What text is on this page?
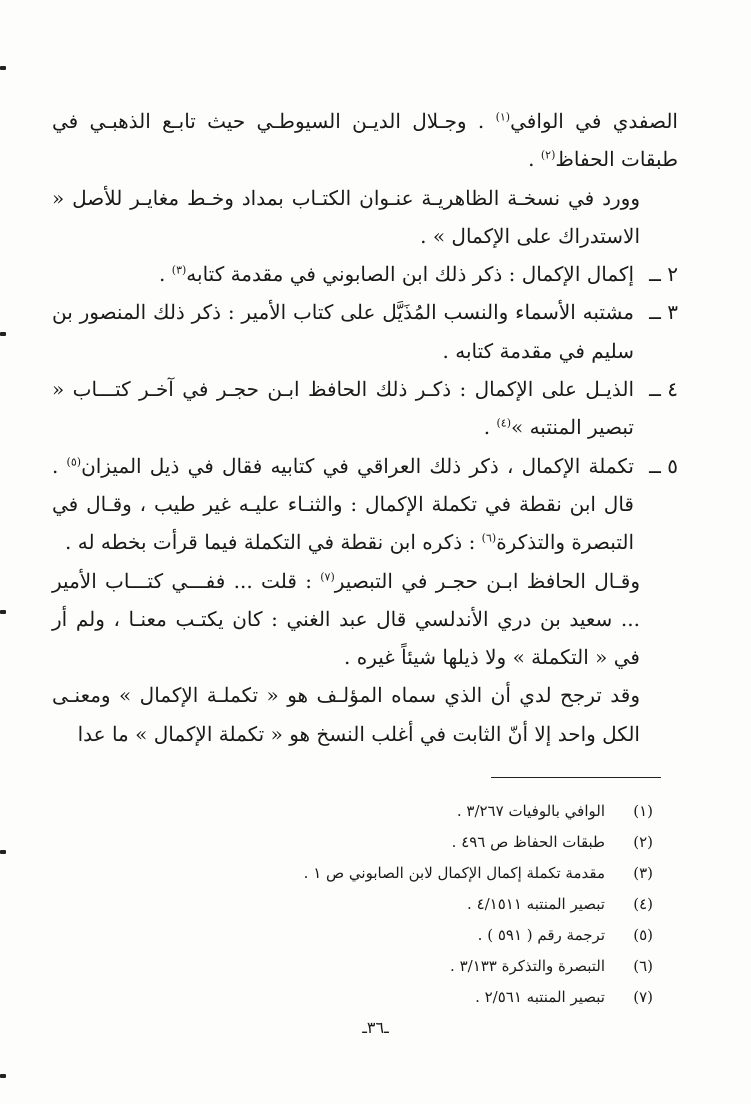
الصفدي في الوافي$^{(١)}$ . وجـلال الديـن السيوطـي حيث تابـع الذهبـي في طبقات الحفاظ$^{(٢)}$ .

وورد في نسخـة الظاهريـة عنـوان الكتـاب بمداد وخـط مغايـر للأصل « الاستدراك على الإكمال » .

٢ ــ
إكمال الإكمال : ذكر ذلك ابن الصابوني في مقدمة كتابه$^{(٣)}$ .

٣ ــ
مشتبه الأسماء والنسب المُذَيَّل على كتاب الأمير : ذكر ذلك المنصور بن سليم في مقدمة كتابه .

٤ ــ
الذيـل على الإكمال : ذكـر ذلك الحافظ ابـن حجـر في آخـر كتـــاب « تبصير المنتبه »$^{(٤)}$ .

٥ ــ
تكملة الإكمال ، ذكر ذلك العراقي في كتابيه فقال في ذيل الميزان$^{(٥)}$ . قال ابن نقطة في تكملة الإكمال : والثنـاء عليـه غير طيب ، وقـال في التبصرة والتذكرة$^{(٦)}$ : ذكره ابن نقطة في التكملة فيما قرأت بخطه له .

وقـال الحافظ ابـن حجـر في التبصير$^{(٧)}$ : قلت ... ففـــي كتـــاب الأمير ... سعيد بن دري الأندلسي قال عبد الغني : كان يكتـب معنـا ، ولم أر في « التكملة » ولا ذيلها شيئاً غيره .

وقد ترجح لدي أن الذي سماه المؤلـف هو « تكملـة الإكمال » ومعنـى الكل واحد إلا أنّ الثابت في أغلب النسخ هو « تكملة الإكمال » ما عدا

(١)
الوافي بالوفيات ٣/٢٦٧ .
(٢)
طبقات الحفاظ ص ٤٩٦ .
(٣)
مقدمة تكملة إكمال الإكمال لابن الصابوني ص ١ .
(٤)
تبصير المنتبه ٤/١٥١١ .
(٥)
ترجمة رقم ( ٥٩١ ) .
(٦)
التبصرة والتذكرة ٣/١٣٣ .
(٧)
تبصير المنتبه ٢/٥٦١ .
ـ٣٦ـ
